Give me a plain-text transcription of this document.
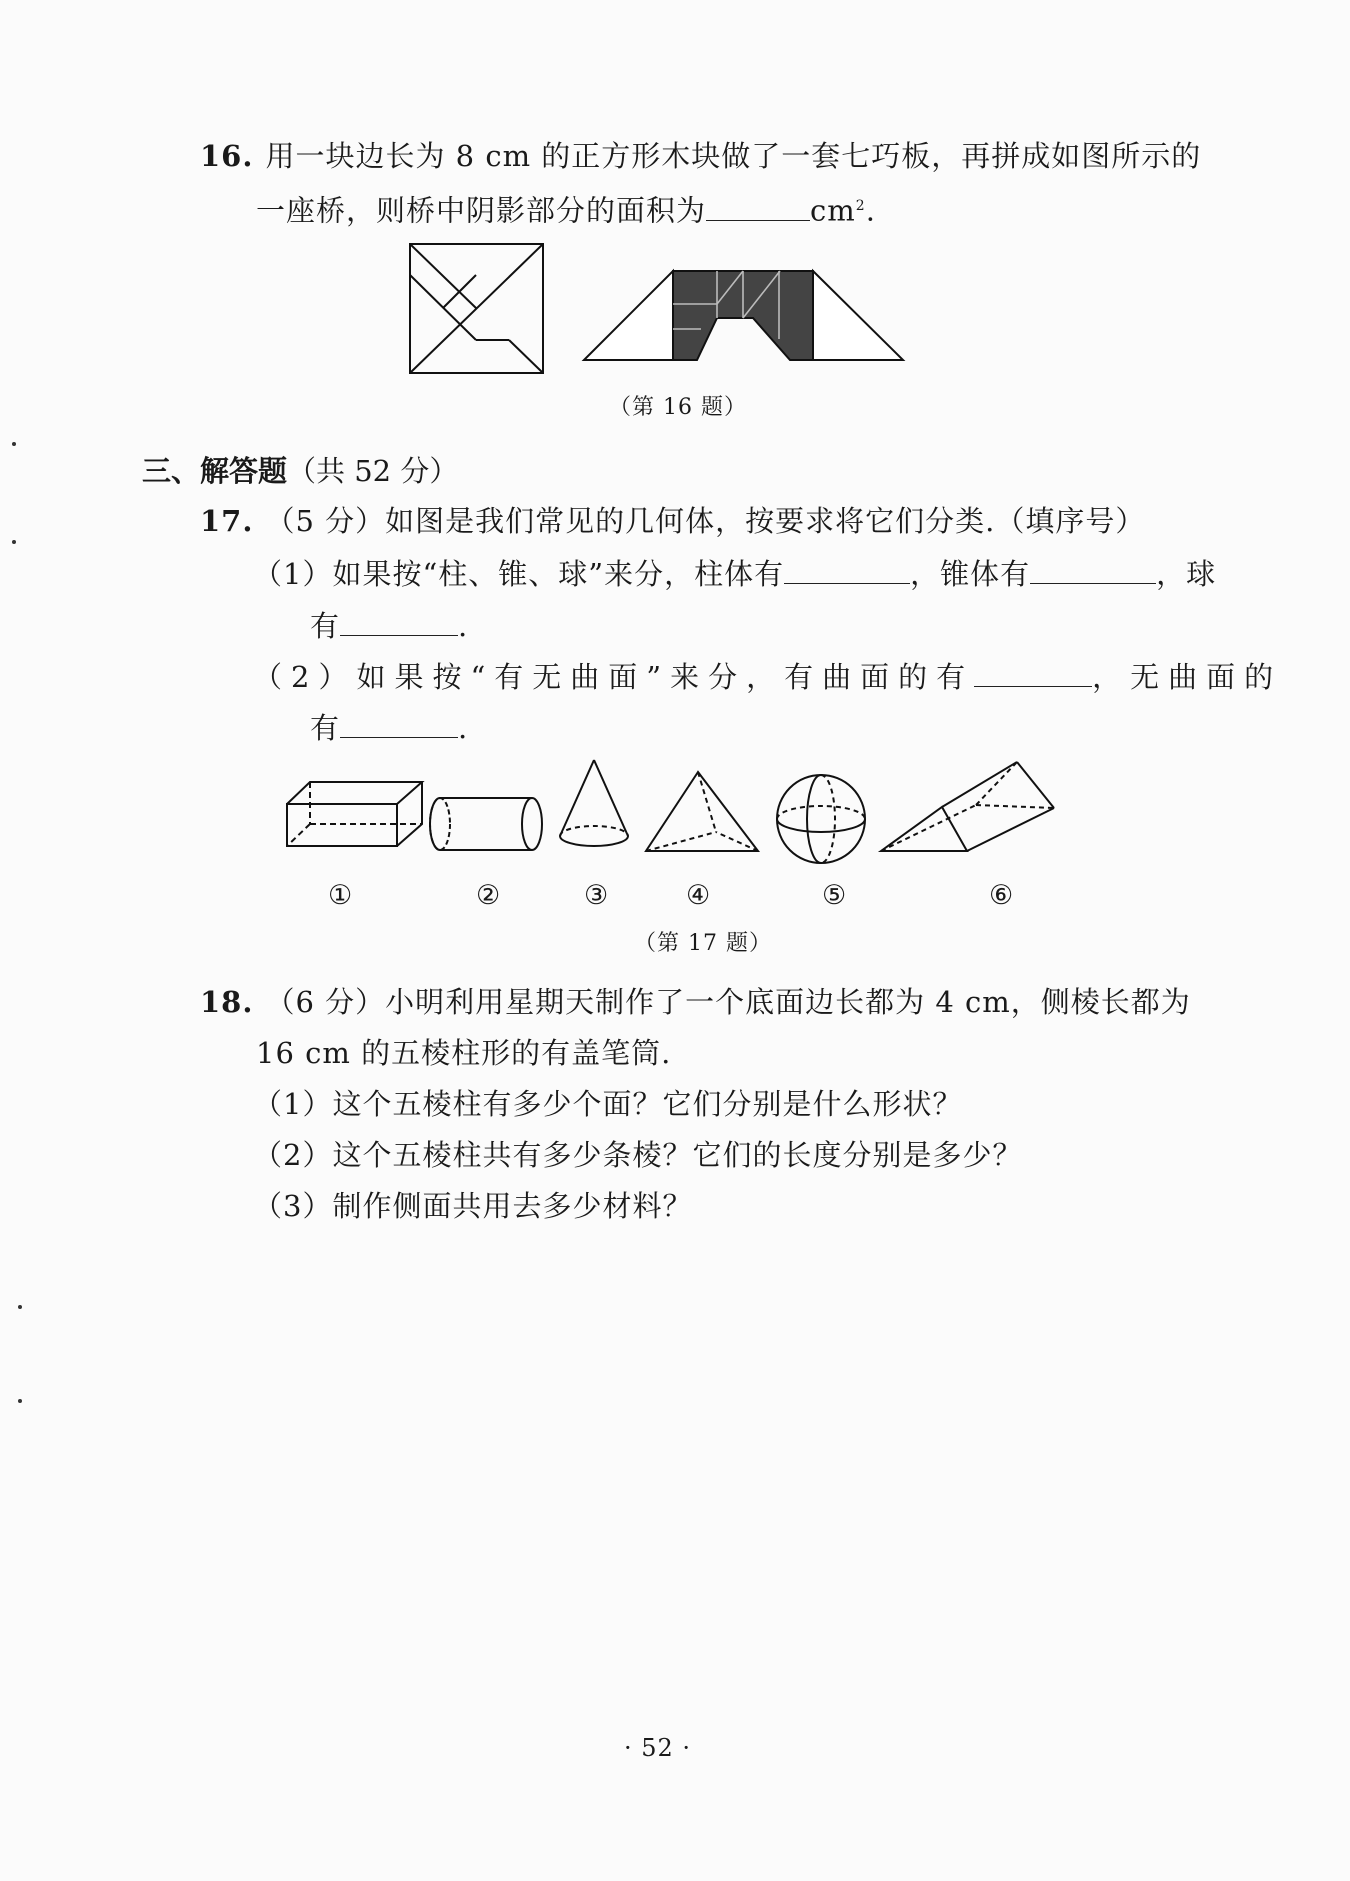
16. 用一块边长为 8 cm 的正方形木块做了一套七巧板，再拼成如图所示的
一座桥，则桥中阴影部分的面积为	$cm^2$.
（第 16 题）
三、解答题（共 52 分）
17. （5 分）如图是我们常见的几何体，按要求将它们分类.（填序号）
（1）如果按“柱、锥、球”来分，柱体有	，锥体有	，球
有	.
（2）如果按“有无曲面”来分，有曲面的有	，无曲面的
有	.
①	②	③	④	⑤	⑥
（第 17 题）
18. （6 分）小明利用星期天制作了一个底面边长都为 4 cm，侧棱长都为
16 cm 的五棱柱形的有盖笔筒.
（1）这个五棱柱有多少个面？它们分别是什么形状？
（2）这个五棱柱共有多少条棱？它们的长度分别是多少？
（3）制作侧面共用去多少材料？
· 52 ·
